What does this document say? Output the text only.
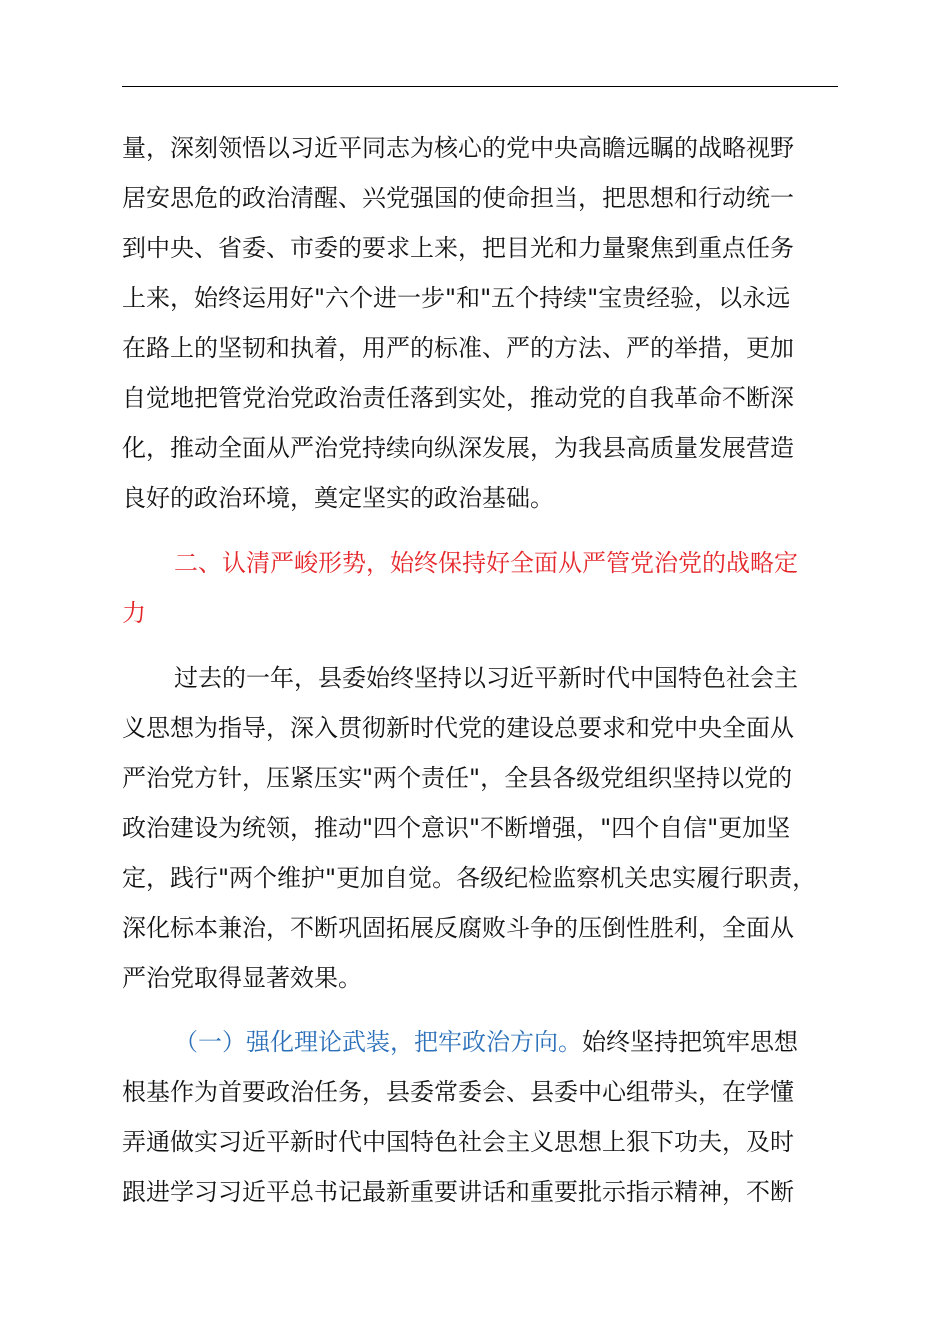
量，深刻领悟以习近平同志为核心的党中央高瞻远瞩的战略视野
居安思危的政治清醒、兴党强国的使命担当，把思想和行动统一
到中央、省委、市委的要求上来，把目光和力量聚焦到重点任务
上来，始终运用好"六个进一步"和"五个持续"宝贵经验，以永远
在路上的坚韧和执着，用严的标准、严的方法、严的举措，更加
自觉地把管党治党政治责任落到实处，推动党的自我革命不断深
化，推动全面从严治党持续向纵深发展，为我县高质量发展营造
良好的政治环境，奠定坚实的政治基础。
二、认清严峻形势，始终保持好全面从严管党治党的战略定
力
过去的一年，县委始终坚持以习近平新时代中国特色社会主
义思想为指导，深入贯彻新时代党的建设总要求和党中央全面从
严治党方针，压紧压实"两个责任"，全县各级党组织坚持以党的
政治建设为统领，推动"四个意识"不断增强，"四个自信"更加坚
定，践行"两个维护"更加自觉。各级纪检监察机关忠实履行职责，
深化标本兼治，不断巩固拓展反腐败斗争的压倒性胜利，全面从
严治党取得显著效果。
（一）强化理论武装，把牢政治方向。始终坚持把筑牢思想
根基作为首要政治任务，县委常委会、县委中心组带头，在学懂
弄通做实习近平新时代中国特色社会主义思想上狠下功夫，及时
跟进学习习近平总书记最新重要讲话和重要批示指示精神，不断
